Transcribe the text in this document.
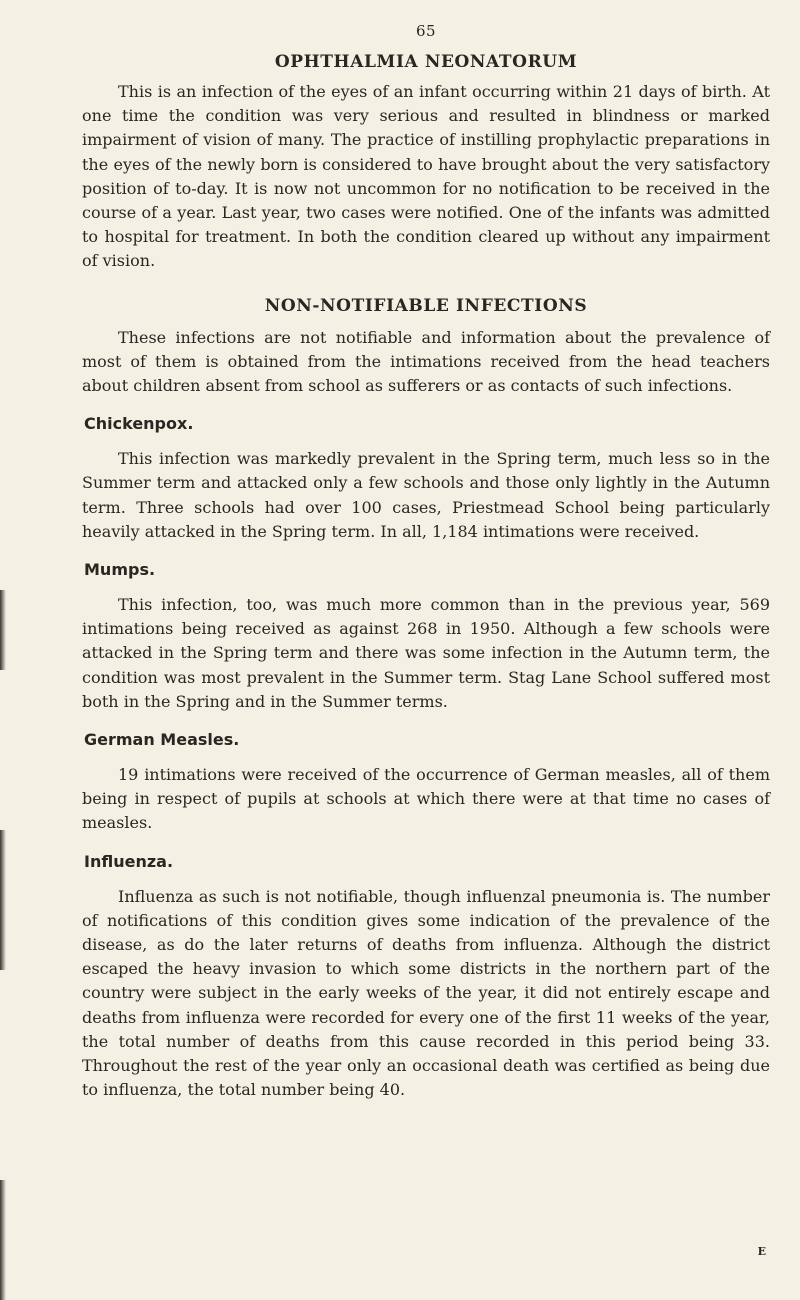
65
OPHTHALMIA NEONATORUM

This is an infection of the eyes of an infant occurring within 21 days of birth. At one time the condition was very serious and resulted in blindness or marked impairment of vision of many. The practice of instilling prophylactic preparations in the eyes of the newly born is considered to have brought about the very satisfactory position of to-day. It is now not uncommon for no notification to be received in the course of a year. Last year, two cases were notified. One of the infants was admitted to hospital for treatment. In both the condition cleared up without any impairment of vision.

NON-NOTIFIABLE INFECTIONS

These infections are not notifiable and information about the prevalence of most of them is obtained from the intimations received from the head teachers about children absent from school as sufferers or as contacts of such infections.

Chickenpox.

This infection was markedly prevalent in the Spring term, much less so in the Summer term and attacked only a few schools and those only lightly in the Autumn term. Three schools had over 100 cases, Priestmead School being particularly heavily attacked in the Spring term. In all, 1,184 intimations were received.

Mumps.

This infection, too, was much more common than in the previous year, 569 intimations being received as against 268 in 1950. Although a few schools were attacked in the Spring term and there was some infection in the Autumn term, the condition was most prevalent in the Summer term. Stag Lane School suffered most both in the Spring and in the Summer terms.

German Measles.

19 intimations were received of the occurrence of German measles, all of them being in respect of pupils at schools at which there were at that time no cases of measles.

Influenza.

Influenza as such is not notifiable, though influenzal pneumonia is. The number of notifications of this condition gives some indication of the prevalence of the disease, as do the later returns of deaths from influenza. Although the district escaped the heavy invasion to which some districts in the northern part of the country were subject in the early weeks of the year, it did not entirely escape and deaths from influenza were recorded for every one of the first 11 weeks of the year, the total number of deaths from this cause recorded in this period being 33. Throughout the rest of the year only an occasional death was certified as being due to influenza, the total number being 40.

E
